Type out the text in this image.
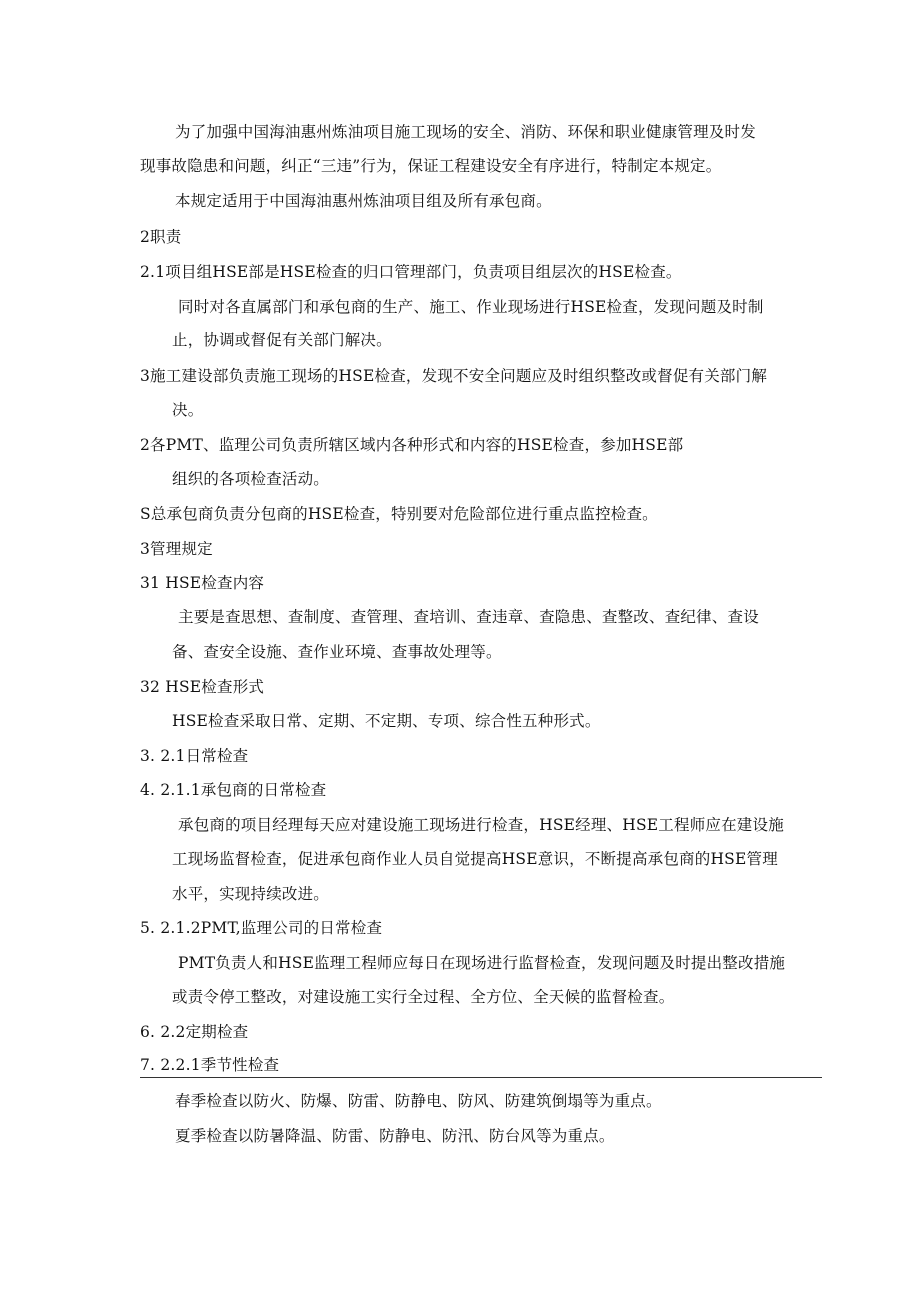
为了加强中国海油惠州炼油项目施工现场的安全、消防、环保和职业健康管理及时发
现事故隐患和问题，纠正“三违”行为，保证工程建设安全有序进行，特制定本规定。
本规定适用于中国海油惠州炼油项目组及所有承包商。
2职责
2.1项目组HSE部是HSE检查的归口管理部门，负责项目组层次的HSE检查。
同时对各直属部门和承包商的生产、施工、作业现场进行HSE检查，发现问题及时制
止，协调或督促有关部门解决。
3施工建设部负责施工现场的HSE检查，发现不安全问题应及时组织整改或督促有关部门解
决。
2各PMT、监理公司负责所辖区域内各种形式和内容的HSE检查，参加HSE部
组织的各项检查活动。
S总承包商负责分包商的HSE检查，特别要对危险部位进行重点监控检查。
3管理规定
31 HSE检查内容
主要是查思想、查制度、查管理、查培训、查违章、查隐患、查整改、查纪律、查设
备、查安全设施、查作业环境、查事故处理等。
32 HSE检查形式
HSE检查采取日常、定期、不定期、专项、综合性五种形式。
3. 2.1日常检查
4. 2.1.1承包商的日常检查
承包商的项目经理每天应对建设施工现场进行检查，HSE经理、HSE工程师应在建设施
工现场监督检查，促进承包商作业人员自觉提高HSE意识，不断提高承包商的HSE管理
水平，实现持续改进。
5. 2.1.2PMT,监理公司的日常检查
PMT负责人和HSE监理工程师应每日在现场进行监督检查，发现问题及时提出整改措施
或责令停工整改，对建设施工实行全过程、全方位、全天候的监督检查。
6. 2.2定期检查
7. 2.2.1季节性检查
春季检查以防火、防爆、防雷、防静电、防风、防建筑倒塌等为重点。
夏季检查以防暑降温、防雷、防静电、防汛、防台风等为重点。
